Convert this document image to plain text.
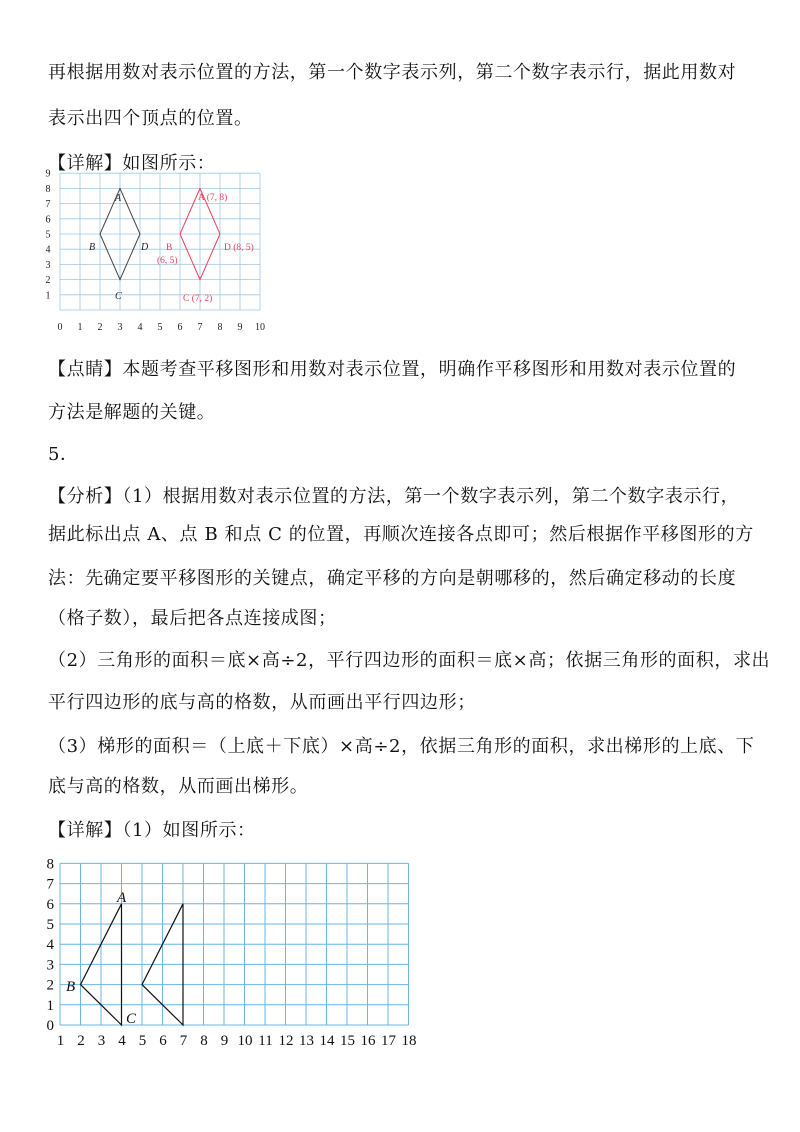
再根据用数对表示位置的方法，第一个数字表示列，第二个数字表示行，据此用数对
表示出四个顶点的位置。
【详解】如图所示：
0 1 2 3 4 5 6 7 8 9 10
1
2
3
4
5
6
7
8
9
A
B
C
D
A (7, 8)
B
(6, 5)
C (7, 2)
D (8, 5)
【点睛】本题考查平移图形和用数对表示位置，明确作平移图形和用数对表示位置的
方法是解题的关键。
5．
【分析】（1）根据用数对表示位置的方法，第一个数字表示列，第二个数字表示行，
据此标出点 A、点 B 和点 C 的位置，再顺次连接各点即可；然后根据作平移图形的方
法：先确定要平移图形的关键点，确定平移的方向是朝哪移的，然后确定移动的长度
（格子数），最后把各点连接成图；
（2）三角形的面积＝底×高÷2，平行四边形的面积＝底×高；依据三角形的面积，求出
平行四边形的底与高的格数，从而画出平行四边形；
（3）梯形的面积＝（上底＋下底）×高÷2，依据三角形的面积，求出梯形的上底、下
底与高的格数，从而画出梯形。
【详解】（1）如图所示：
1 2 3 4 5 6 7 8 9 10 11 12 13 14 15 16 17 18
0
1
2
3
4
5
6
7
8
A
B
C
